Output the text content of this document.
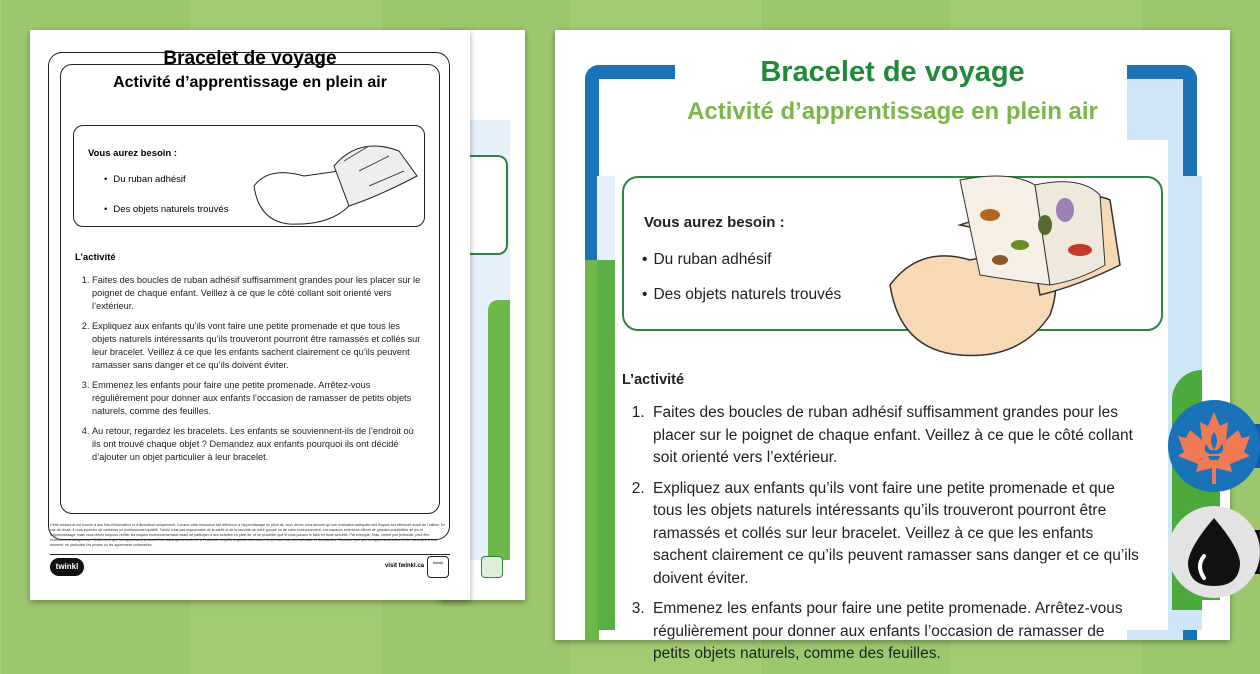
Bracelet de voyage
Activité d’apprentissage en plein air
Vous aurez besoin :
• Du ruban adhésif
• Des objets naturels trouvés
L’activité
1. Faites des boucles de ruban adhésif suffisamment grandes pour les placer sur le poignet de chaque enfant. Veillez à ce que le côté collant soit orienté vers l’extérieur.
2. Expliquez aux enfants qu’ils vont faire une petite promenade et que tous les objets naturels intéressants qu’ils trouveront pourront être ramassés et collés sur leur bracelet. Veillez à ce que les enfants sachent clairement ce qu’ils peuvent ramasser sans danger et ce qu’ils doivent éviter.
3. Emmenez les enfants pour faire une petite promenade. Arrêtez-vous régulièrement pour donner aux enfants l’occasion de ramasser de petits objets naturels, comme des feuilles.
4. Au retour, regardez les bracelets. Les enfants se souviennent-ils de l’endroit où ils ont trouvé chaque objet ? Demandez aux enfants pourquoi ils ont décidé d’ajouter un objet particulier à leur bracelet.
Cette ressource est fournie à des fins d’information et d’illustration uniquement. Comme cette ressource fait référence à l’apprentissage en plein air, vous devez vous assurer qu’une évaluation adéquate des risques est effectuée avant de l’utiliser. En cas de doute, il vous incombe de contacter un professionnel qualifié. Twinkl n’est pas responsable de la santé et de la sécurité de votre groupe ou de votre environnement. Les espaces extérieurs offrent de grandes possibilités de jeu et d’apprentissage, mais vous devez toujours vérifier les risques environnementaux avant de participer à des activités en plein air, et ne procéder que si vous pouvez le faire en toute sécurité. Par exemple, l’eau, même peu profonde, peut être extrêmement dangereuse. Veillez à ce que les apprenants se lavent les mains après avoir été à l’extérieur et qu’ils respectent la nature, en prenant soin des animaux et des plantes. N’oubliez pas que les apprenants doivent être surveillés à tout moment, en particulier les jeunes ou les apprenants vulnérables.
twinkl	visit twinkl.ca
twinkl
Bracelet de voyage
Activité d’apprentissage en plein air
Vous aurez besoin :
• Du ruban adhésif
• Des objets naturels trouvés
L’activité
1. Faites des boucles de ruban adhésif suffisamment grandes pour les placer sur le poignet de chaque enfant. Veillez à ce que le côté collant soit orienté vers l’extérieur.
2. Expliquez aux enfants qu’ils vont faire une petite promenade et que tous les objets naturels intéressants qu’ils trouveront pourront être ramassés et collés sur leur bracelet. Veillez à ce que les enfants sachent clairement ce qu’ils peuvent ramasser sans danger et ce qu’ils doivent éviter.
3. Emmenez les enfants pour faire une petite promenade. Arrêtez-vous régulièrement pour donner aux enfants l’occasion de ramasser de petits objets naturels, comme des feuilles.
